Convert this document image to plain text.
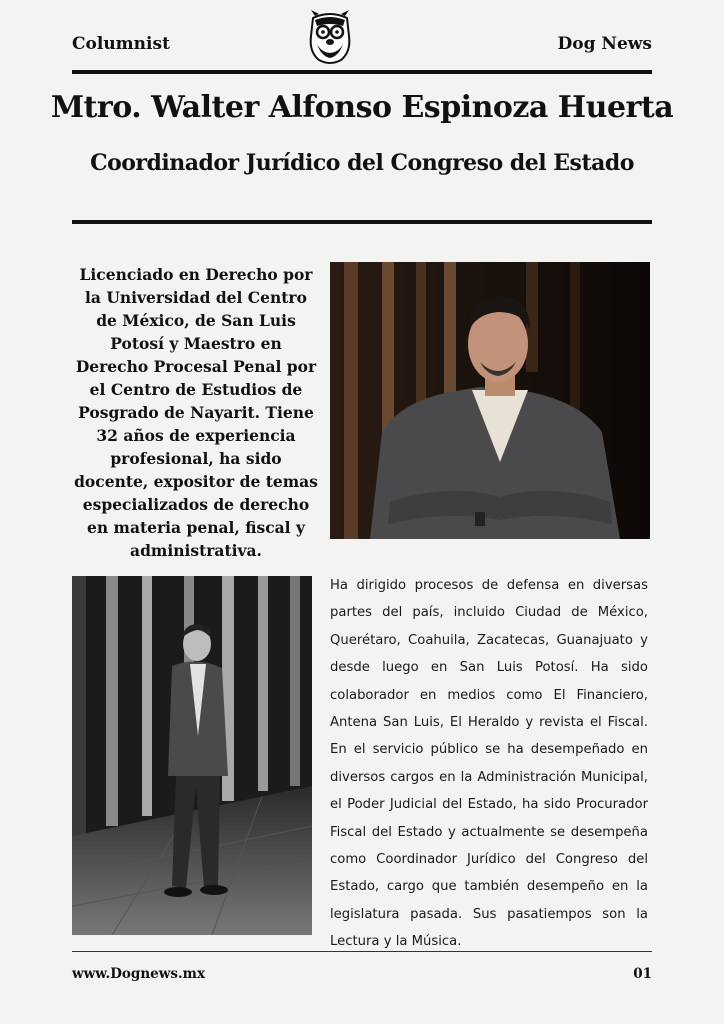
Columnist	Dog News
Mtro. Walter Alfonso Espinoza Huerta
Coordinador Jurídico del Congreso del Estado

Licenciado en Derecho por la Universidad del Centro de México, de San Luis Potosí y Maestro en Derecho Procesal Penal por el Centro de Estudios de Posgrado de Nayarit. Tiene 32 años de experiencia profesional, ha sido docente, expositor de temas especializados de derecho en materia penal, fiscal y administrativa.

Ha dirigido procesos de defensa en diversas partes del país, incluido Ciudad de México, Querétaro, Coahuila, Zacatecas, Guanajuato y desde luego en San Luis Potosí. Ha sido colaborador en medios como El Financiero, Antena San Luis, El Heraldo y revista el Fiscal. En el servicio público se ha desempeñado en diversos cargos en la Administración Municipal, el Poder Judicial del Estado, ha sido Procurador Fiscal del Estado y actualmente se desempeña como Coordinador Jurídico del Congreso del Estado, cargo que también desempeño en la legislatura pasada. Sus pasatiempos son la Lectura y la Música.

www.Dognews.mx	01
